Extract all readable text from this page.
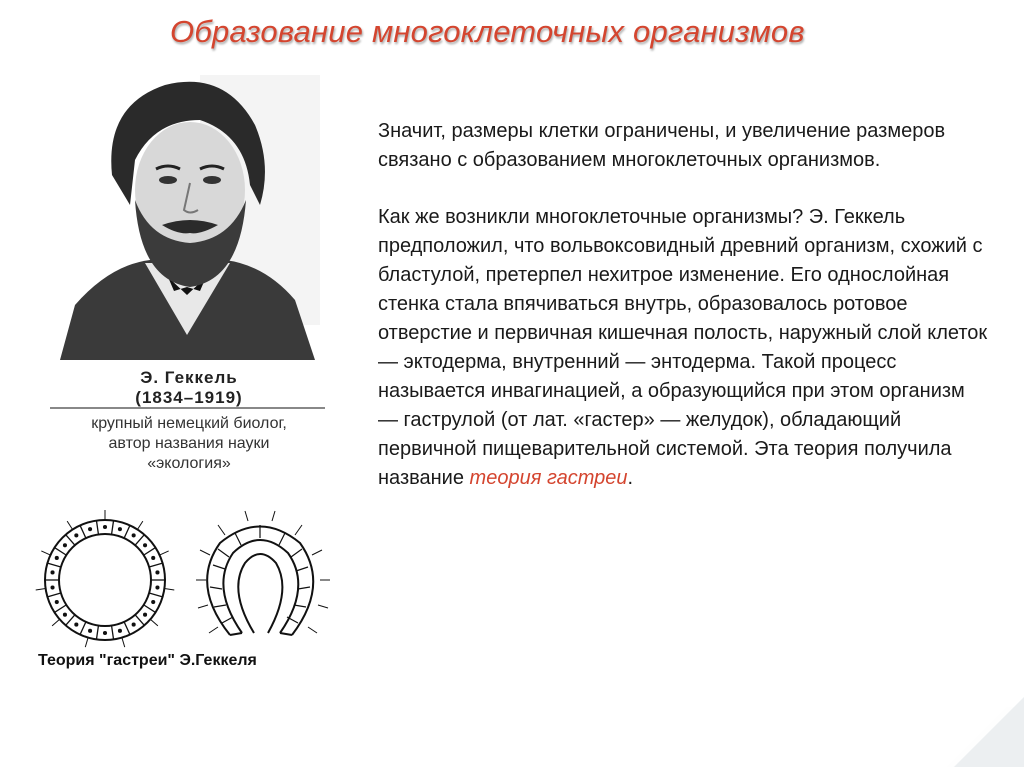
Образование многоклеточных организмов
Э. Геккель
(1834–1919)
крупный немецкий биолог,
автор названия науки
«экология»
Теория "гастреи" Э.Геккеля

Значит, размеры клетки ограничены, и увеличение размеров связано с образованием многоклеточных организмов.

Как же возникли многоклеточные организмы? Э. Геккель предположил, что вольвоксовидный древний организм, схожий с бластулой, претерпел нехитрое изменение. Его однослойная стенка стала впячиваться внутрь, образовалось ротовое отверстие и первичная кишечная полость, наружный слой клеток — эктодерма, внутренний — энтодерма. Такой процесс называется инвагинацией, а образующийся при этом организм — гаструлой (от лат. «гастер» — желудок), обладающий первичной пищеварительной системой. Эта теория получила название теория гастреи.
